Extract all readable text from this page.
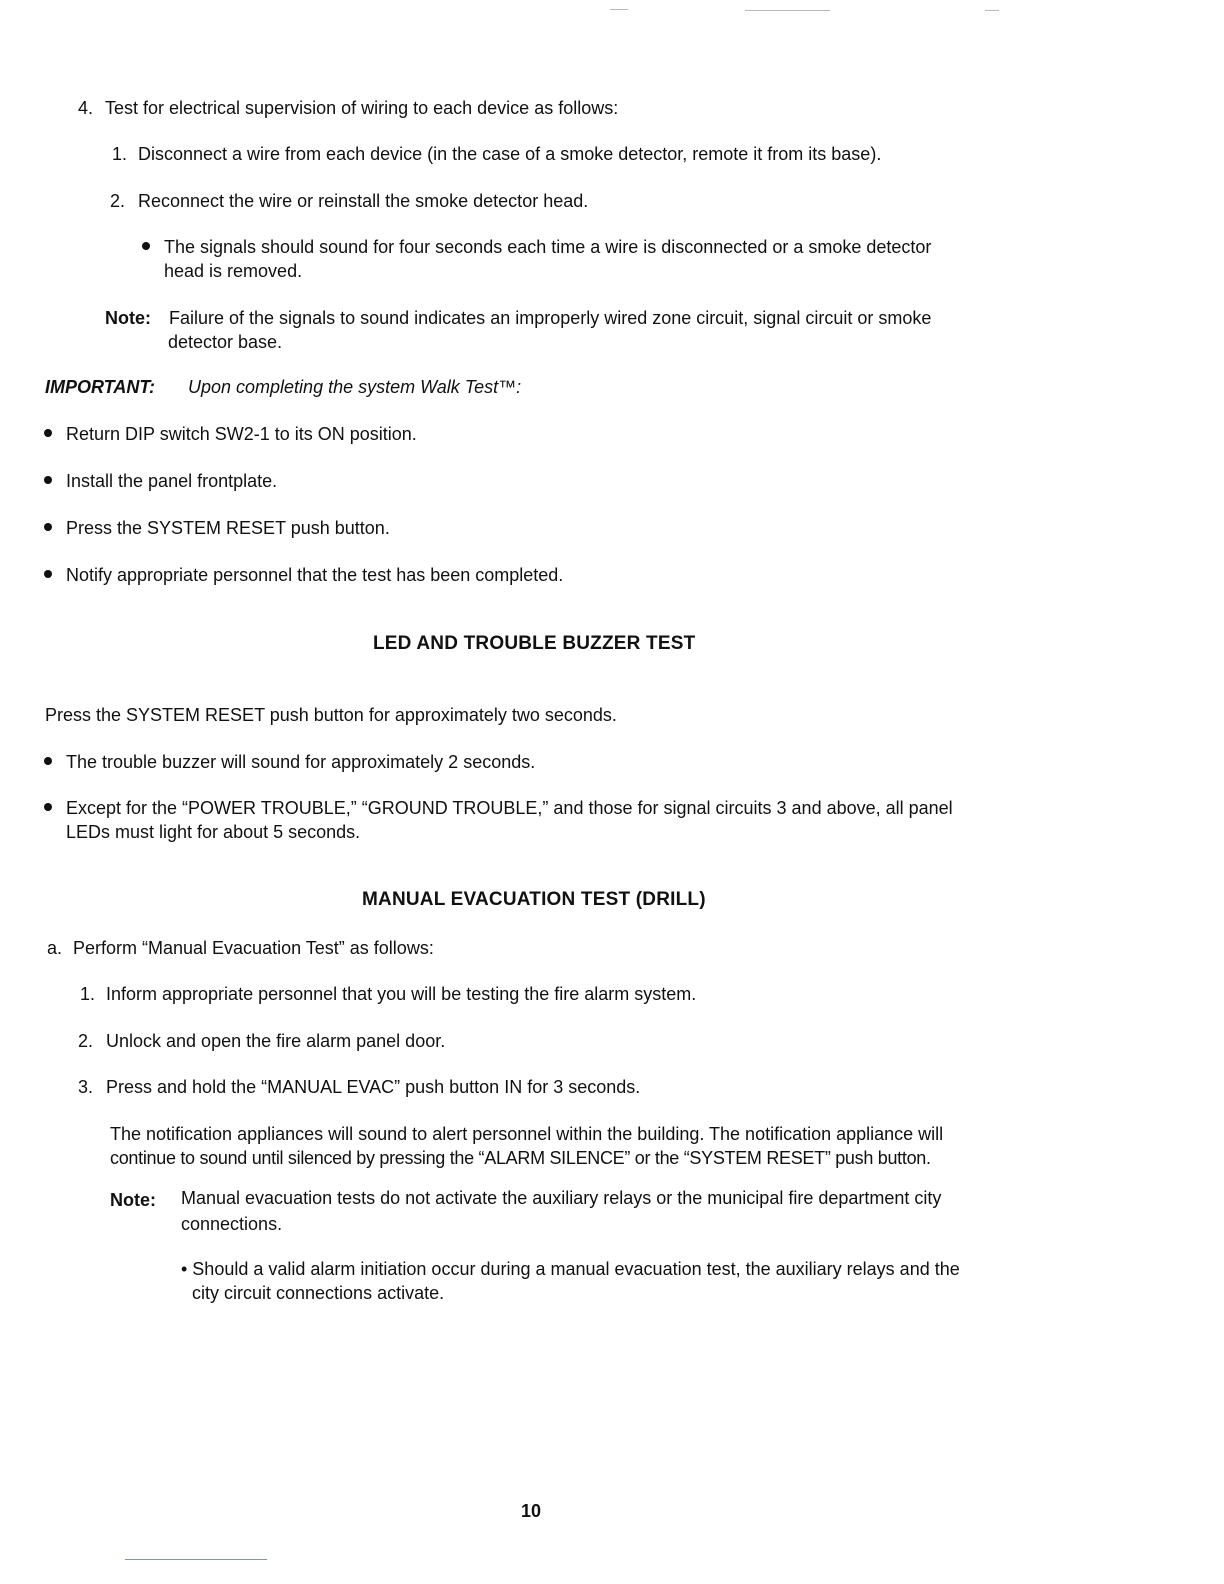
4. Test for electrical supervision of wiring to each device as follows:
1. Disconnect a wire from each device (in the case of a smoke detector, remote it from its base).
2. Reconnect the wire or reinstall the smoke detector head.
The signals should sound for four seconds each time a wire is disconnected or a smoke detector
head is removed.
Note: Failure of the signals to sound indicates an improperly wired zone circuit, signal circuit or smoke
detector base.
IMPORTANT: Upon completing the system Walk Test™:
Return DIP switch SW2-1 to its ON position.
Install the panel frontplate.
Press the SYSTEM RESET push button.
Notify appropriate personnel that the test has been completed.
LED AND TROUBLE BUZZER TEST
Press the SYSTEM RESET push button for approximately two seconds.
The trouble buzzer will sound for approximately 2 seconds.
Except for the “POWER TROUBLE,” “GROUND TROUBLE,” and those for signal circuits 3 and above, all panel
LEDs must light for about 5 seconds.
MANUAL EVACUATION TEST (DRILL)
a. Perform “Manual Evacuation Test” as follows:
1. Inform appropriate personnel that you will be testing the fire alarm system.
2. Unlock and open the fire alarm panel door.
3. Press and hold the “MANUAL EVAC” push button IN for 3 seconds.
The notification appliances will sound to alert personnel within the building. The notification appliance will
continue to sound until silenced by pressing the “ALARM SILENCE” or the “SYSTEM RESET” push button.
Note: Manual evacuation tests do not activate the auxiliary relays or the municipal fire department city
connections.
• Should a valid alarm initiation occur during a manual evacuation test, the auxiliary relays and the
city circuit connections activate.
10
